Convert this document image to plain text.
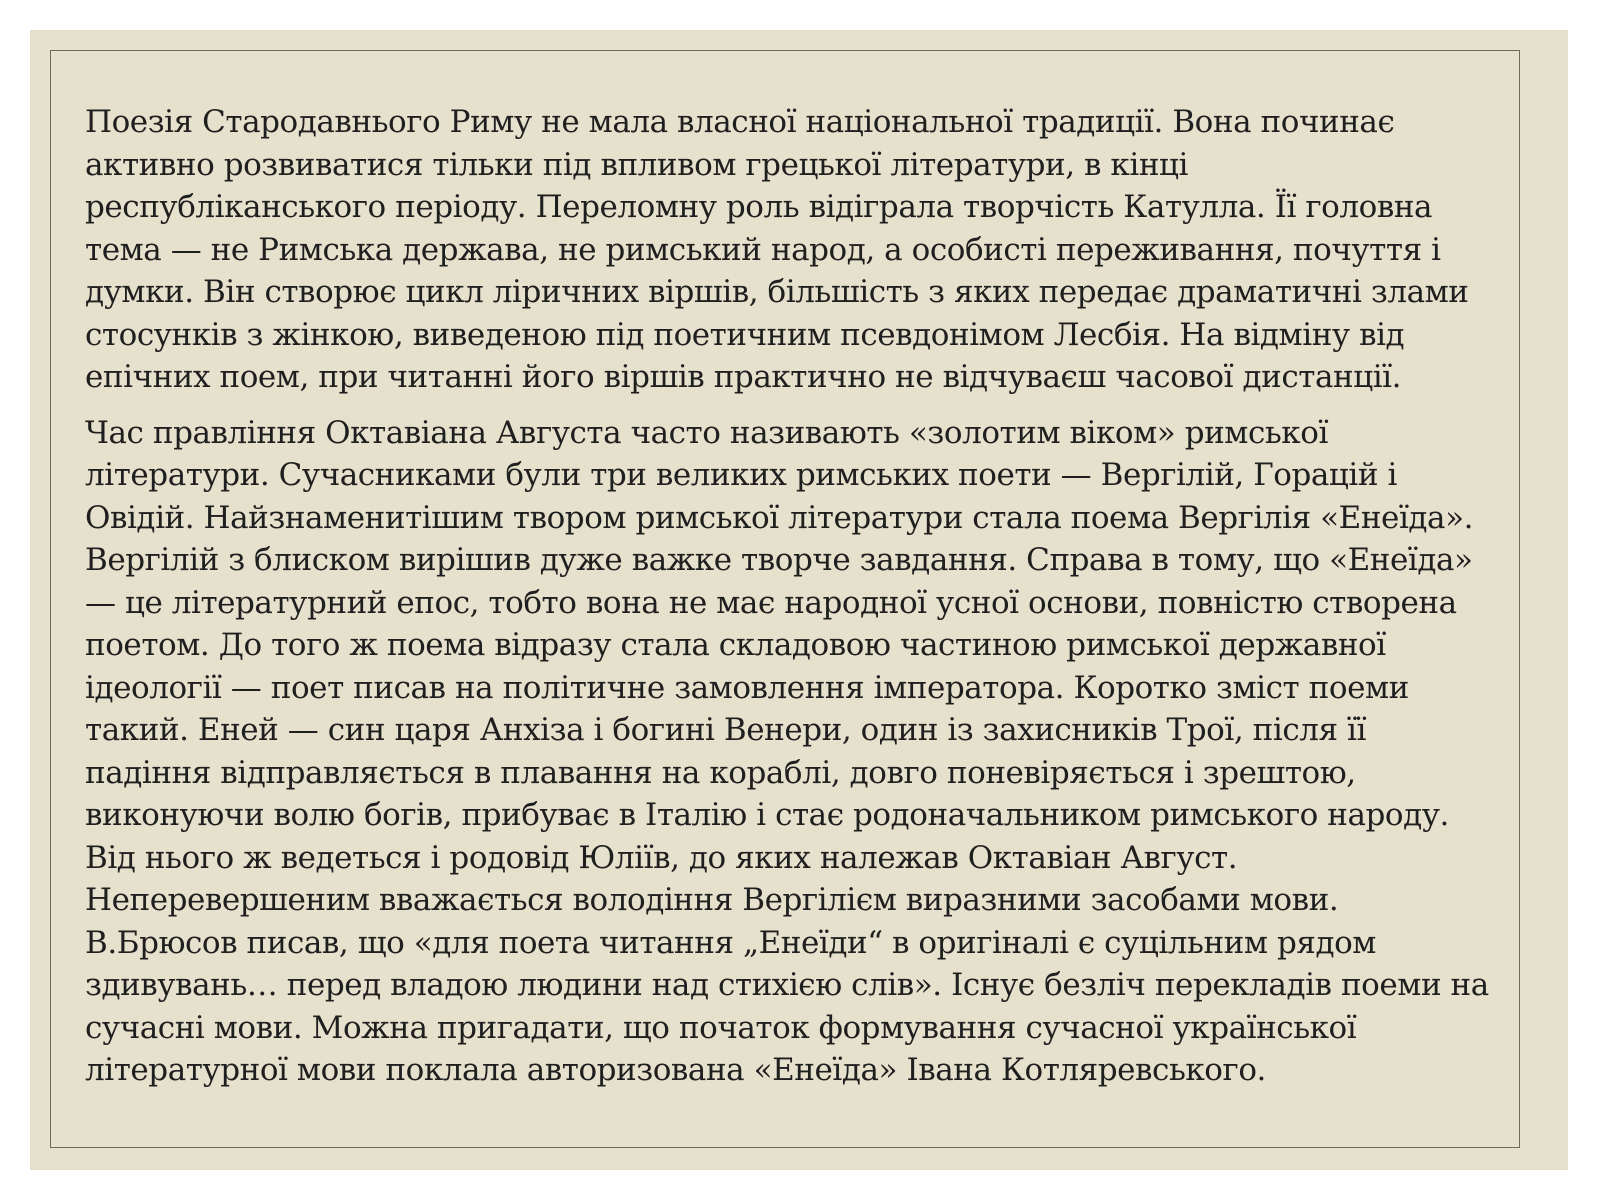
Поезія Стародавнього Риму не мала власної національної традиції. Вона починає активно розвиватися тільки під впливом грецької літератури, в кінці республіканського періоду. Переломну роль відіграла творчість Катулла. Її головна тема — не Римська держава, не римський народ, а особисті переживання, почуття і думки. Він створює цикл ліричних віршів, більшість з яких передає драматичні злами стосунків з жінкою, виведеною під поетичним псевдонімом Лесбія. На відміну від епічних поем, при читанні його віршів практично не відчуваєш часової дистанції.

Час правління Октавіана Августа часто називають «золотим віком» римської літератури. Сучасниками були три великих римських поети — Вергілій, Горацій і Овідій. Найзнаменитішим твором римської літератури стала поема Вергілія «Енеїда». Вергілій з блиском вирішив дуже важке творче завдання. Справа в тому, що «Енеїда» — це літературний епос, тобто вона не має народної усної основи, повністю створена поетом. До того ж поема відразу стала складовою частиною римської державної ідеології — поет писав на політичне замовлення імператора. Коротко зміст поеми такий. Еней — син царя Анхіза і богині Венери, один із захисників Трої, після її падіння відправляється в плавання на кораблі, довго поневіряється і зрештою, виконуючи волю богів, прибуває в Італію і стає родоначальником римського народу. Від нього ж ведеться і родовід Юліїв, до яких належав Октавіан Август. Неперевершеним вважається володіння Вергілієм виразними засобами мови. В.Брюсов писав, що «для поета читання „Енеїди“ в оригіналі є суцільним рядом здивувань… перед владою людини над стихією слів». Існує безліч перекладів поеми на сучасні мови. Можна пригадати, що початок формування сучасної української літературної мови поклала авторизована «Енеїда» Івана Котляревського.
